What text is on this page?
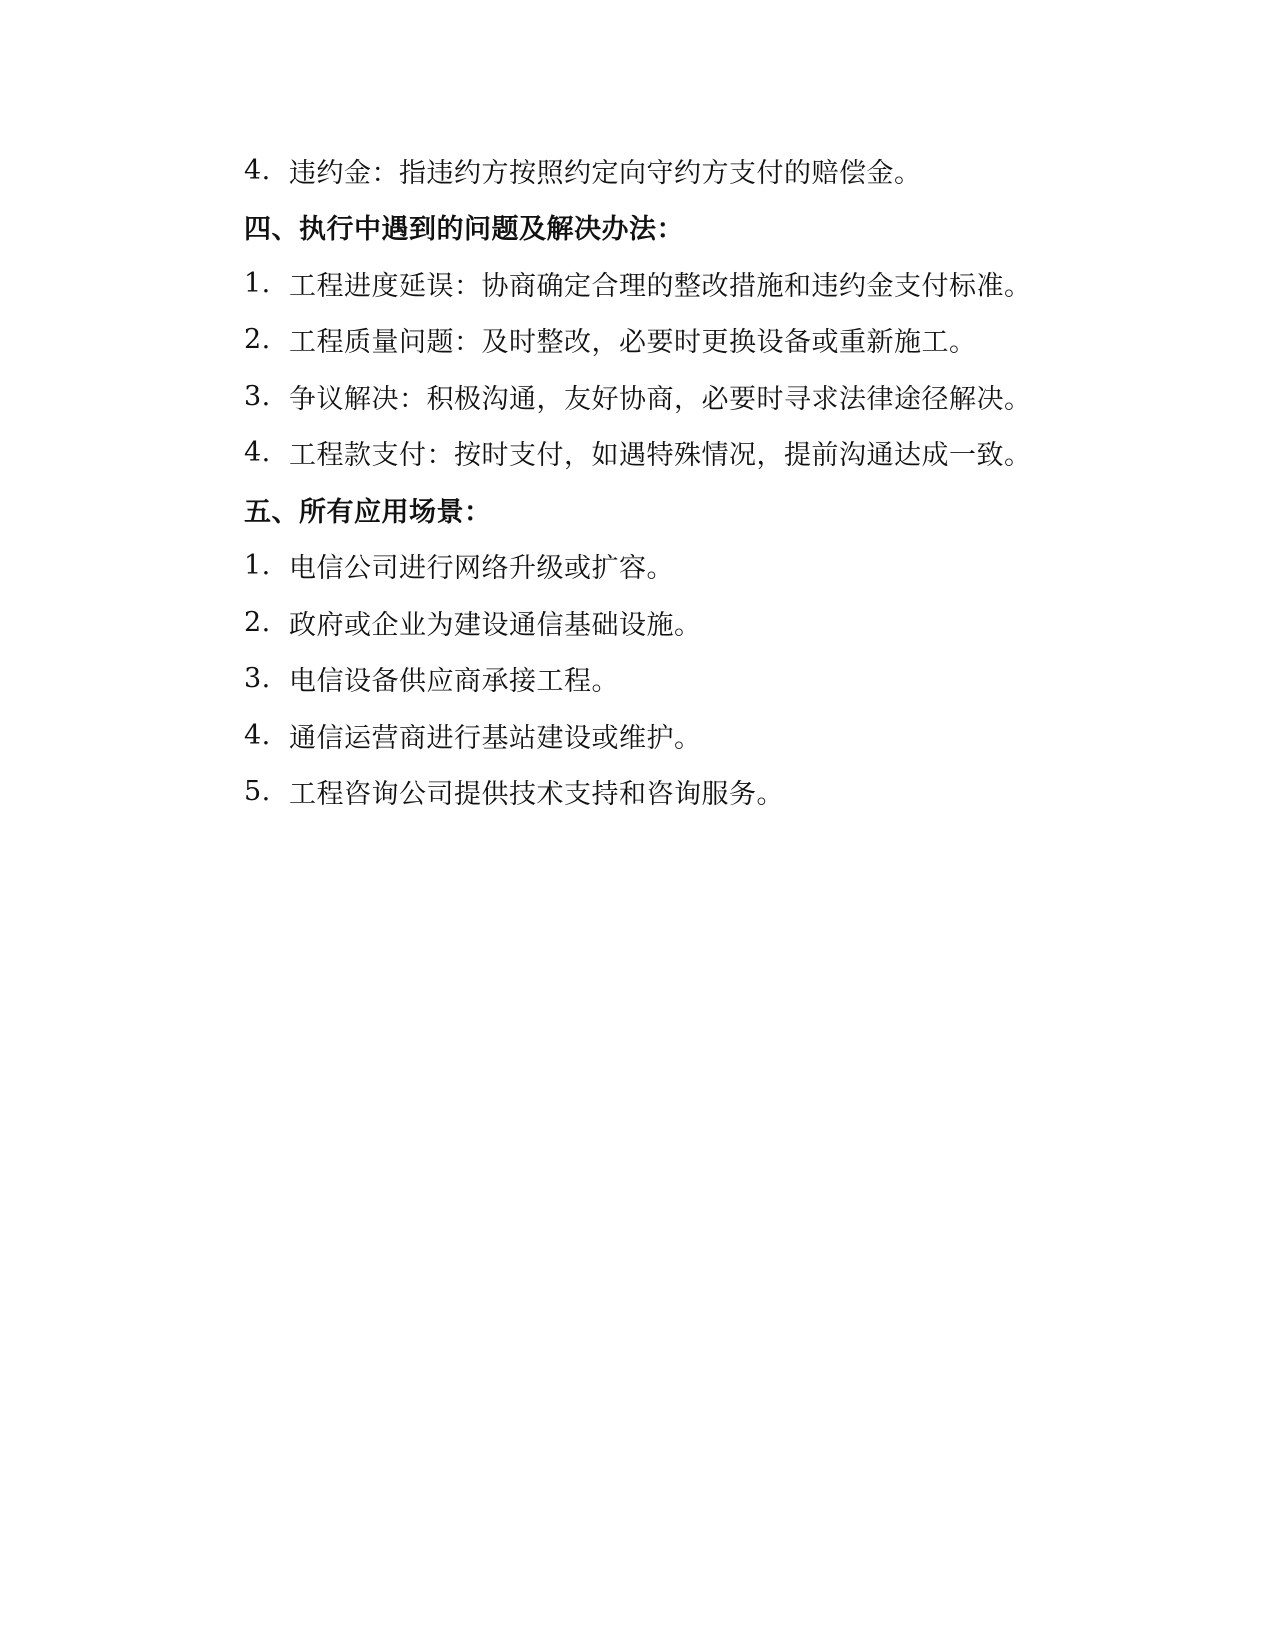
4. 违约金：指违约方按照约定向守约方支付的赔偿金。
四、执行中遇到的问题及解决办法：
1. 工程进度延误：协商确定合理的整改措施和违约金支付标准。
2. 工程质量问题：及时整改，必要时更换设备或重新施工。
3. 争议解决：积极沟通，友好协商，必要时寻求法律途径解决。
4. 工程款支付：按时支付，如遇特殊情况，提前沟通达成一致。
五、所有应用场景：
1. 电信公司进行网络升级或扩容。
2. 政府或企业为建设通信基础设施。
3. 电信设备供应商承接工程。
4. 通信运营商进行基站建设或维护。
5. 工程咨询公司提供技术支持和咨询服务。
